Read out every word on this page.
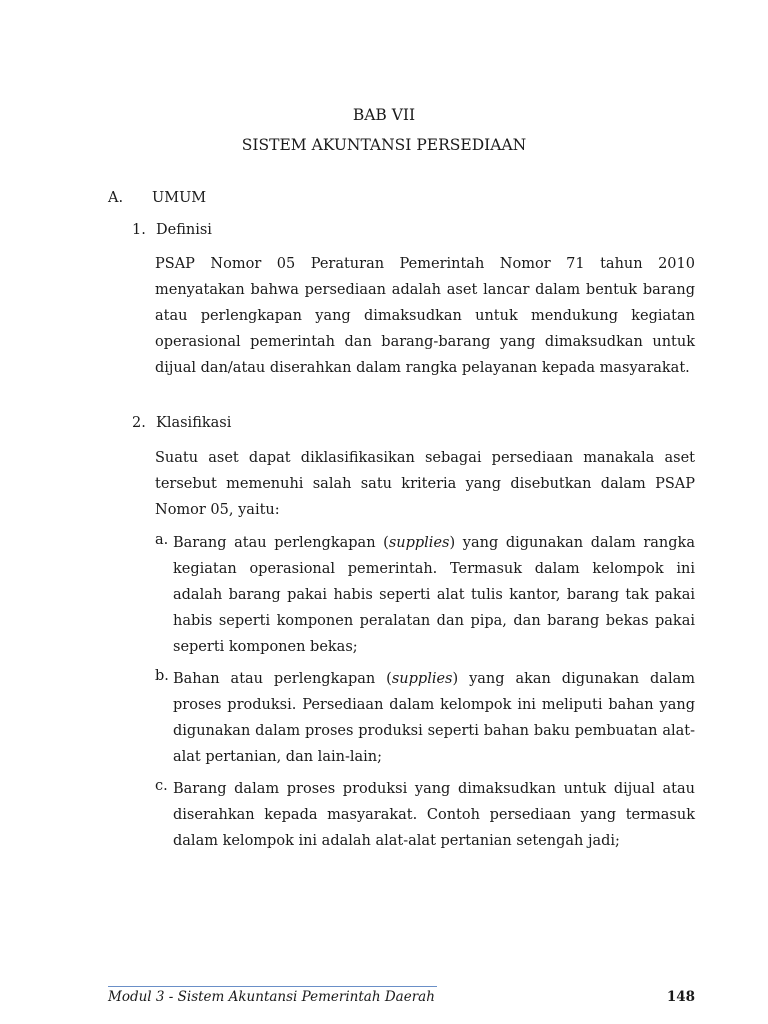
BAB VII
SISTEM AKUNTANSI PERSEDIAAN
A. UMUM
1. Definisi
PSAP Nomor 05 Peraturan Pemerintah Nomor 71 tahun 2010 menyatakan bahwa persediaan adalah aset lancar dalam bentuk barang atau perlengkapan yang dimaksudkan untuk mendukung kegiatan operasional pemerintah dan barang-barang yang dimaksudkan untuk dijual dan/atau diserahkan dalam rangka pelayanan kepada masyarakat.
2. Klasifikasi
Suatu aset dapat diklasifikasikan sebagai persediaan manakala aset tersebut memenuhi salah satu kriteria yang disebutkan dalam PSAP Nomor 05, yaitu:
a. Barang atau perlengkapan (supplies) yang digunakan dalam rangka kegiatan operasional pemerintah. Termasuk dalam kelompok ini adalah barang pakai habis seperti alat tulis kantor, barang tak pakai habis seperti komponen peralatan dan pipa, dan barang bekas pakai seperti komponen bekas;
b. Bahan atau perlengkapan (supplies) yang akan digunakan dalam proses produksi. Persediaan dalam kelompok ini meliputi bahan yang digunakan dalam proses produksi seperti bahan baku pembuatan alat-alat pertanian, dan lain-lain;
c. Barang dalam proses produksi yang dimaksudkan untuk dijual atau diserahkan kepada masyarakat. Contoh persediaan yang termasuk dalam kelompok ini adalah alat-alat pertanian setengah jadi;
Modul 3 - Sistem Akuntansi Pemerintah Daerah	148
